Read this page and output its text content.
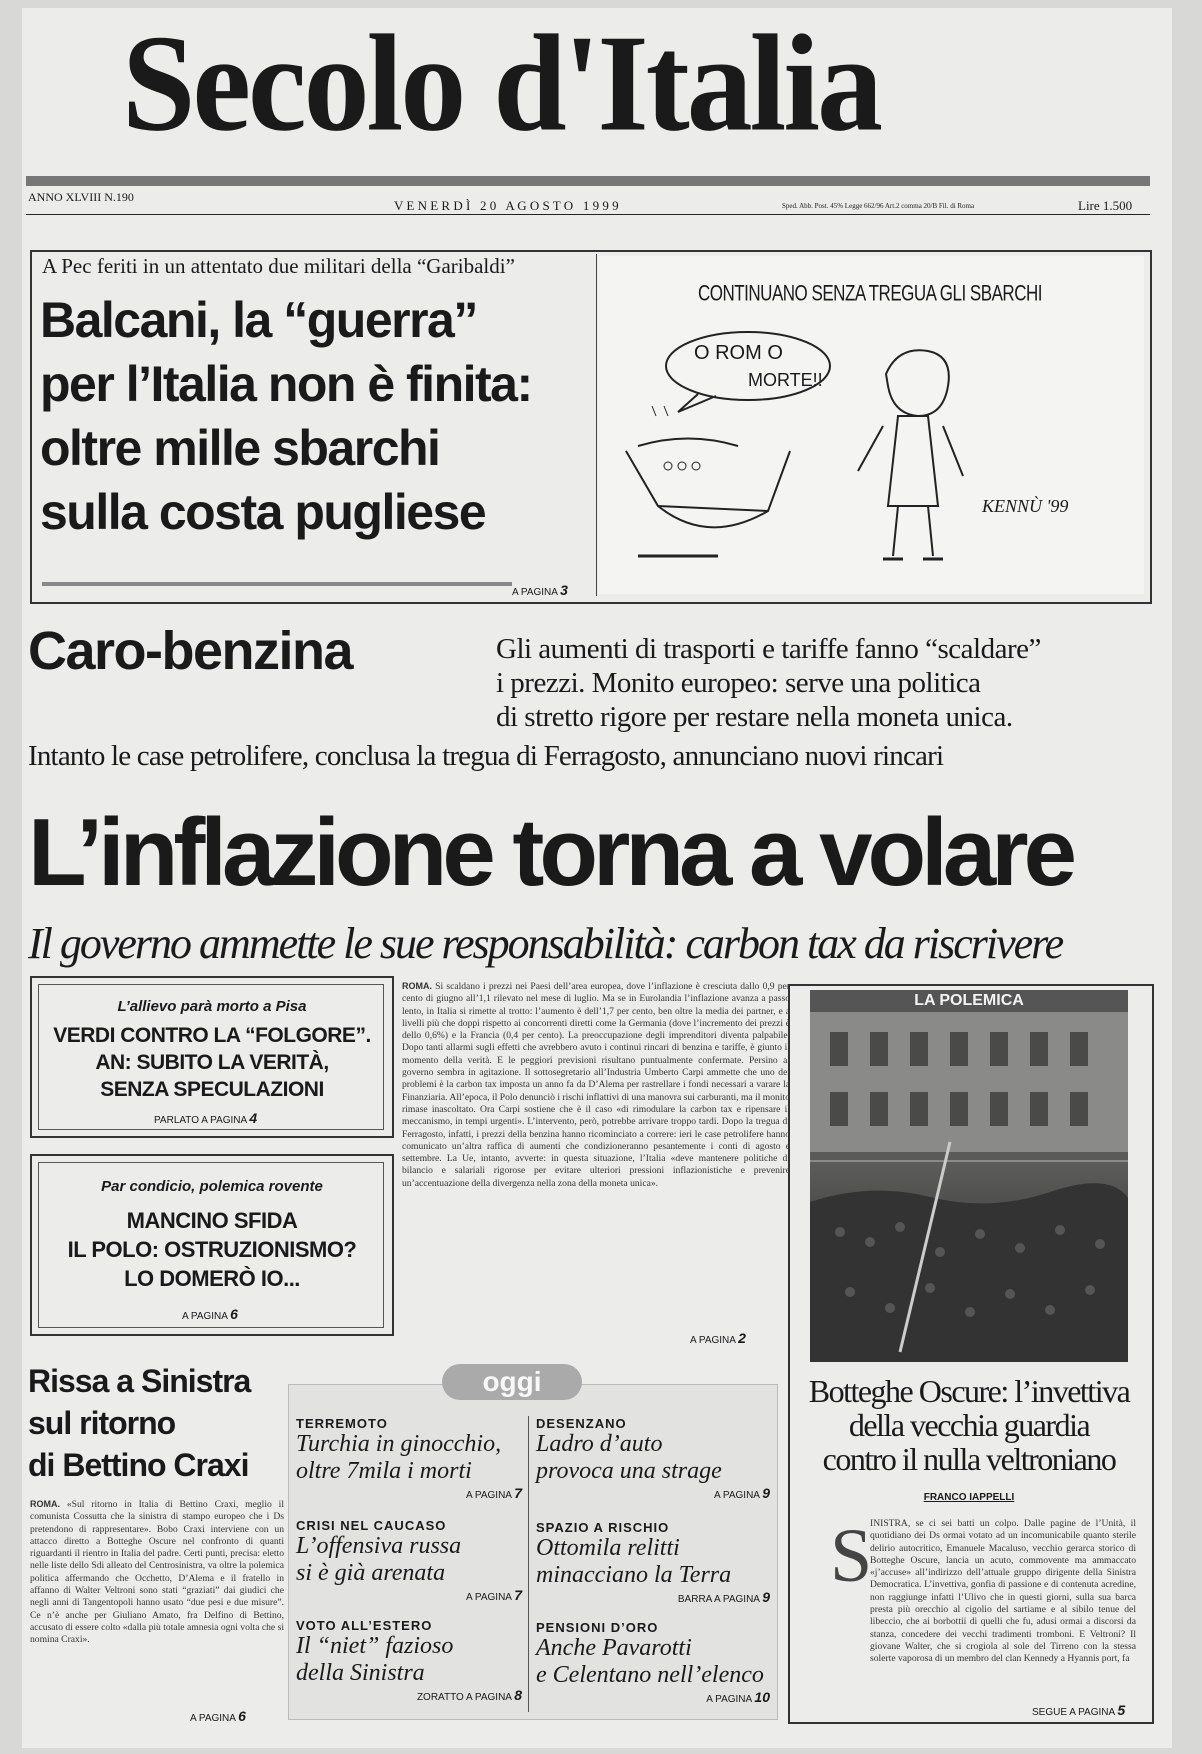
Secolo d'Italia
ANNO XLVIII N.190
V E N E R D Ì   2 0   A G O S T O   1 9 9 9	Sped. Abb. Post. 45% Legge 662/96 Art.2 comma 20/B Fil. di Roma	Lire 1.500
A Pec feriti in un attentato due militari della “Garibaldi”
Balcani, la “guerra”
per l’Italia non è finita:
oltre mille sbarchi
sulla costa pugliese
A PAGINA 3
CONTINUANO SENZA TREGUA GLI SBARCHI
O ROM O
MORTE!!
KENNÙ '99
Caro-benzina	Gli aumenti di trasporti e tariffe fanno “scaldare”
i prezzi. Monito europeo: serve una politica
di stretto rigore per restare nella moneta unica.
Intanto le case petrolifere, conclusa la tregua di Ferragosto, annunciano nuovi rincari
L’inflazione torna a volare
Il governo ammette le sue responsabilità: carbon tax da riscrivere
L’allievo parà morto a Pisa
VERDI CONTRO LA “FOLGORE”.
AN: SUBITO LA VERITÀ,
SENZA SPECULAZIONI
PARLATO A PAGINA 4
Par condicio, polemica rovente
MANCINO SFIDA
IL POLO: OSTRUZIONISMO?
LO DOMERÒ IO...
A PAGINA 6
ROMA. Si scaldano i prezzi nei Paesi dell’area europea, dove l’inflazione è cresciuta dallo 0,9 per cento di giugno all’1,1 rilevato nel mese di luglio. Ma se in Eurolandia l’inflazione avanza a passo lento, in Italia si rimette al trotto: l’aumento è dell’1,7 per cento, ben oltre la media dei partner, e a livelli più che doppi rispetto ai concorrenti diretti come la Germania (dove l’incremento dei prezzi è dello 0,6%) e la Francia (0,4 per cento). La preoccupazione degli imprenditori diventa palpabile. Dopo tanti allarmi sugli effetti che avrebbero avuto i continui rincari di benzina e tariffe, è giunto il momento della verità. E le peggiori previsioni risultano puntualmente confermate. Persino al governo sembra in agitazione. Il sottosegretario all’Industria Umberto Carpi ammette che uno dei problemi è la carbon tax imposta un anno fa da D’Alema per rastrellare i fondi necessari a varare la Finanziaria. All’epoca, il Polo denunciò i rischi inflattivi di una manovra sui carburanti, ma il monito rimase inascoltato. Ora Carpi sostiene che è il caso «di rimodulare la carbon tax e ripensare il meccanismo, in tempi urgenti». L’intervento, però, potrebbe arrivare troppo tardi. Dopo la tregua di Ferragosto, infatti, i prezzi della benzina hanno ricominciato a correre: ieri le case petrolifere hanno comunicato un’altra raffica di aumenti che condizioneranno pesantemente i conti di agosto e settembre. La Ue, intanto, avverte: in questa situazione, l’Italia «deve mantenere politiche di bilancio e salariali rigorose per evitare ulteriori pressioni inflazionistiche e prevenire un’accentuazione della divergenza nella zona della moneta unica».
A PAGINA 2
LA POLEMICA
Botteghe Oscure: l’invettiva
della vecchia guardia
contro il nulla veltroniano
FRANCO IAPPELLI
S
INISTRA, se ci sei batti un colpo. Dalle pagine de l’Unità, il quotidiano dei Ds ormai votato ad un incomunicabile quanto sterile delirio autocritico, Emanuele Macaluso, vecchio gerarca storico di Botteghe Oscure, lancia un acuto, commovente ma ammaccato «j’accuse» all’indirizzo dell’attuale gruppo dirigente della Sinistra Democratica. L’invettiva, gonfia di passione e di contenuta acredine, non raggiunge infatti l’Ulivo che in questi giorni, sulla sua barca presta più orecchio al cigolio del sartiame e al sibilo tenue del libeccio, che ai borbottii di quelli che fu, adusi ormai a discorsi da stanza, concedere dei vecchi tradimenti tromboni. E Veltroni? Il giovane Walter, che si crogiola al sole del Tirreno con la stessa solerte vaporosa di un membro del clan Kennedy a Hyannis port, fa
SEGUE A PAGINA 5
Rissa a Sinistra
sul ritorno
di Bettino Craxi
ROMA. «Sul ritorno in Italia di Bettino Craxi, meglio il comunista Cossutta che la sinistra di stampo europeo che i Ds pretendono di rappresentare». Bobo Craxi interviene con un attacco diretto a Botteghe Oscure nel confronto di quanti riguardanti il rientro in Italia del padre. Certi punti, precisa: eletto nelle liste dello Sdi alleato del Centrosinistra, va oltre la polemica politica affermando che Occhetto, D’Alema e il fratello in affanno di Walter Veltroni sono stati “graziati” dai giudici che negli anni di Tangentopoli hanno usato “due pesi e due misure”. Ce n’è anche per Giuliano Amato, fra Delfino di Bettino, accusato di essere colto «dalla più totale amnesia ogni volta che si nomina Craxi».
A PAGINA 6
oggi
TERREMOTO
Turchia in ginocchio,
oltre 7mila i morti
A PAGINA 7
DESENZANO
Ladro d’auto
provoca una strage
A PAGINA 9
CRISI NEL CAUCASO
L’offensiva russa
si è già arenata
A PAGINA 7
SPAZIO A RISCHIO
Ottomila relitti
minacciano la Terra
BARRA A PAGINA 9
VOTO ALL’ESTERO
Il “niet” fazioso
della Sinistra
ZORATTO A PAGINA 8
PENSIONI D’ORO
Anche Pavarotti
e Celentano nell’elenco
A PAGINA 10
